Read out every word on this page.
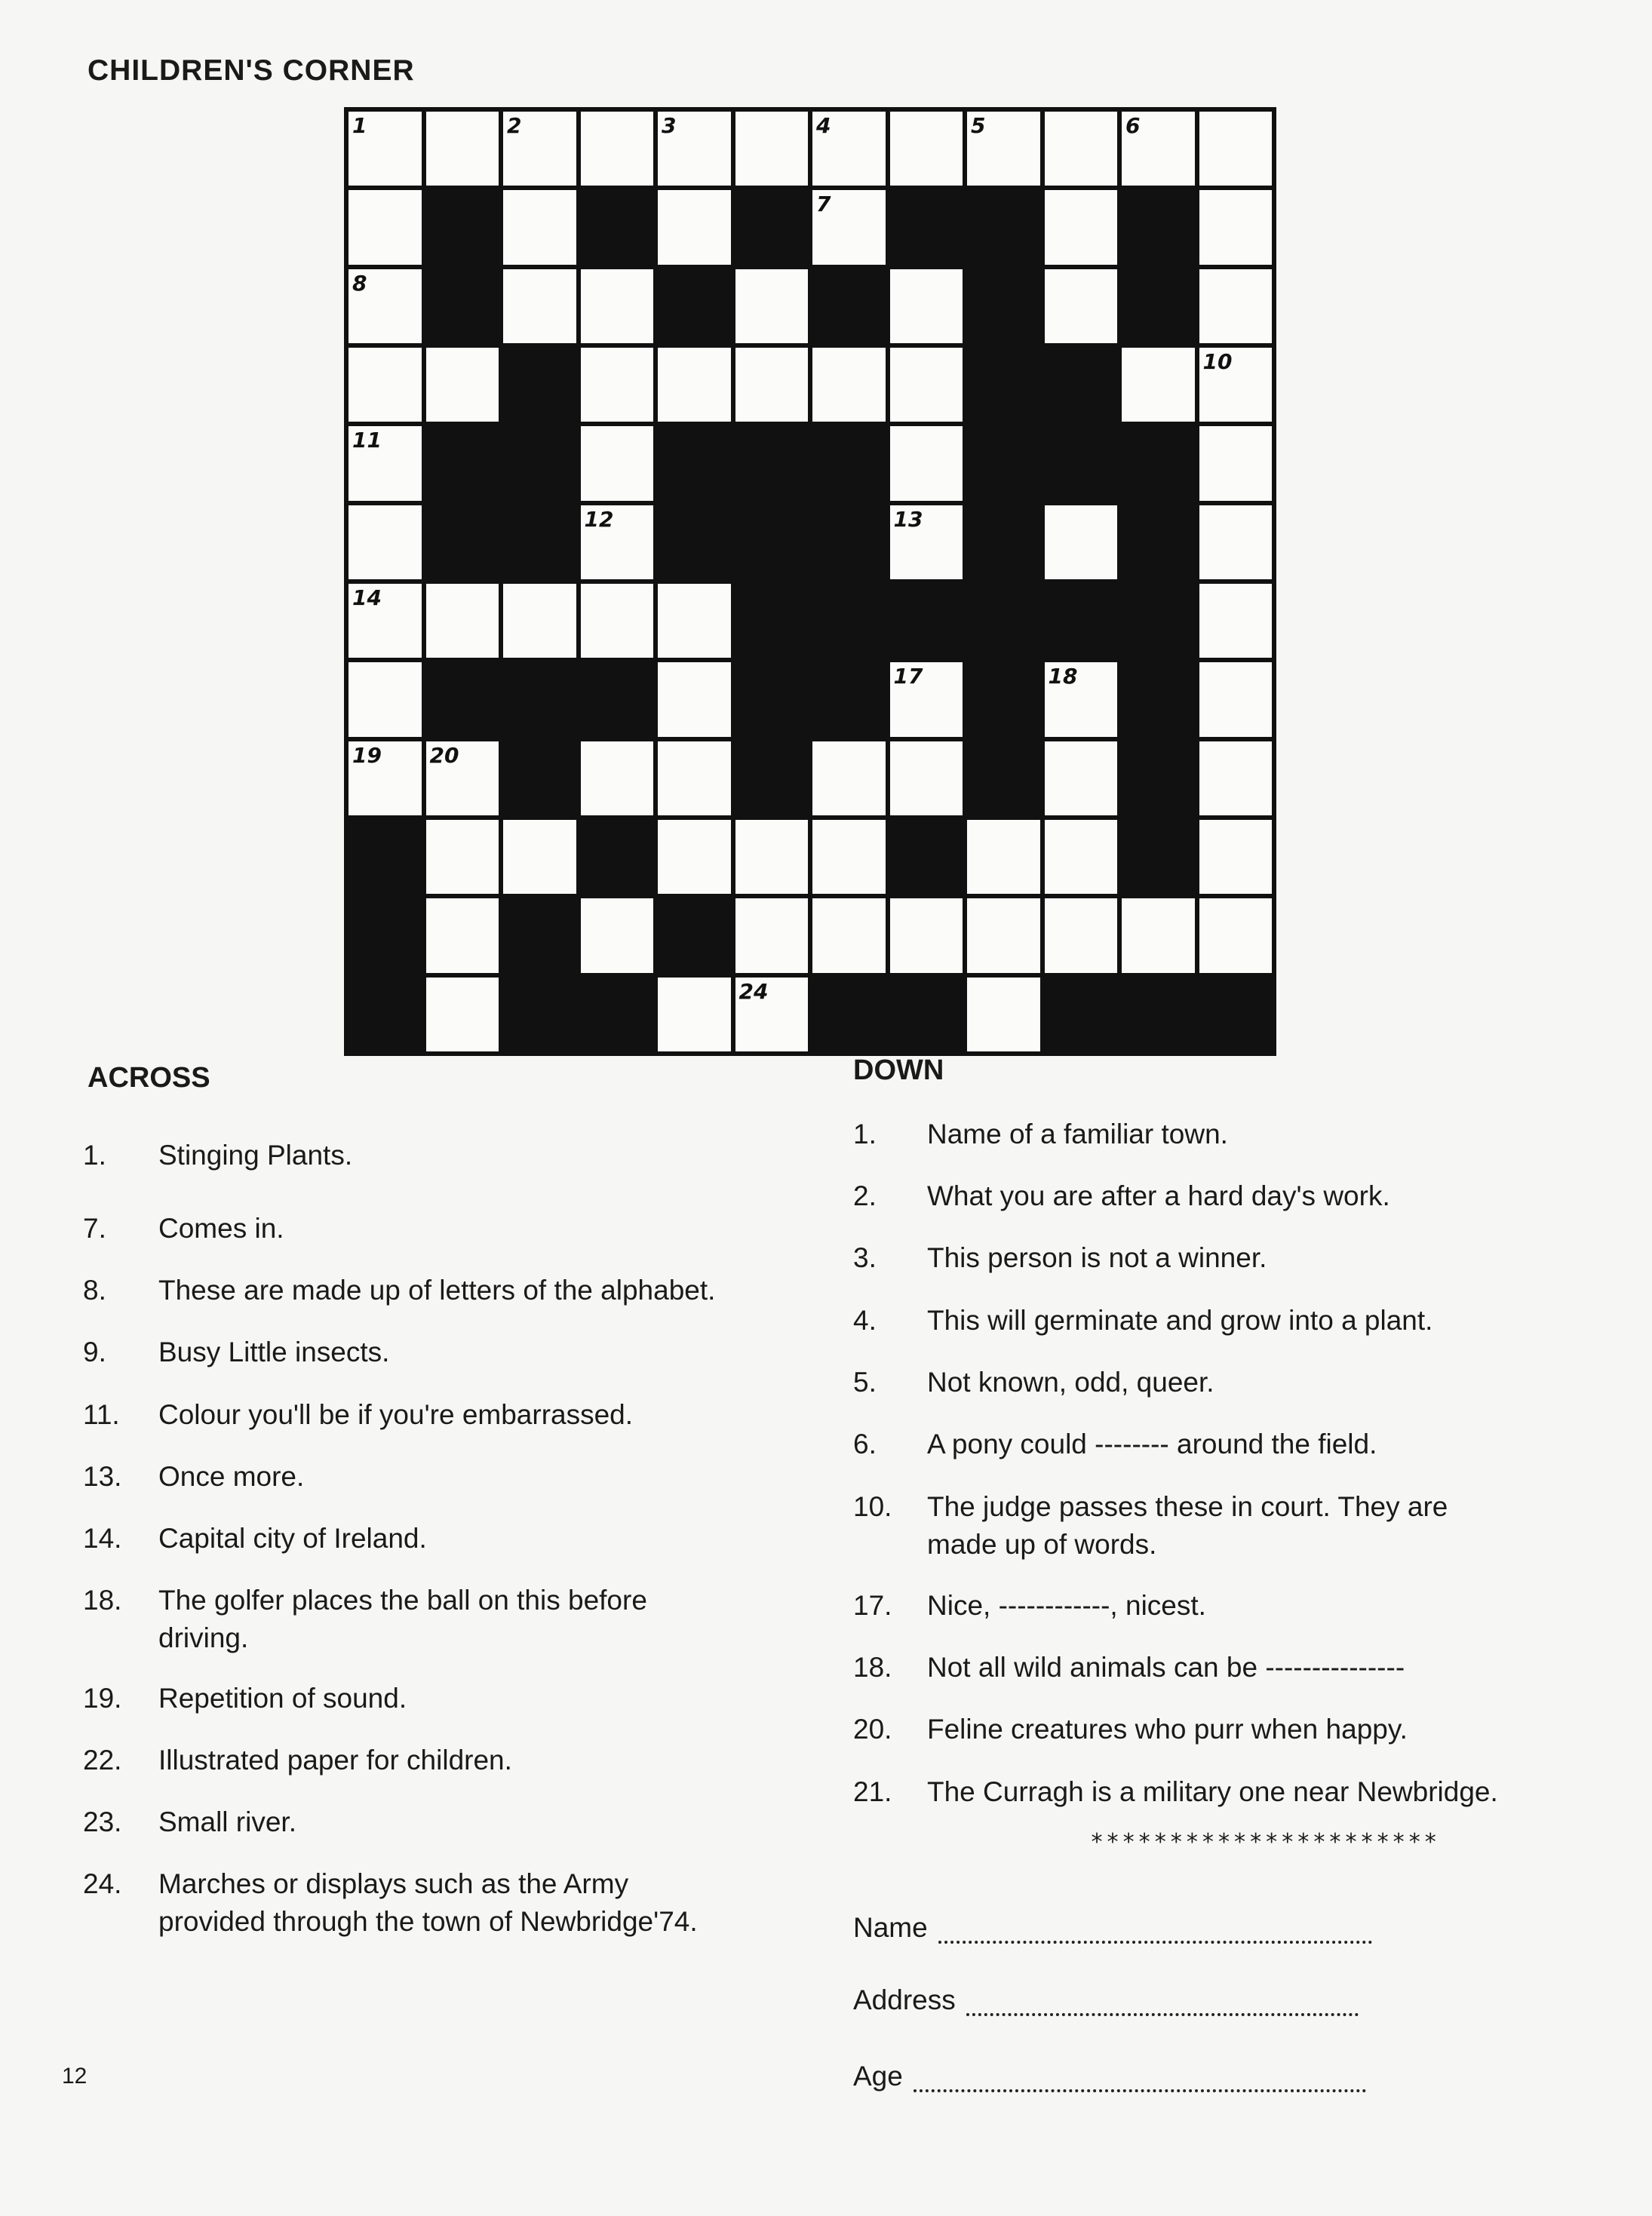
CHILDREN'S CORNER
1	2	3	4	5	6
7
8
10
11
12	13
14
17	18
19 20
24
ACROSS
1. Stinging Plants.
7. Comes in.
8. These are made up of letters of the alphabet.
9. Busy Little insects.
11. Colour you'll be if you're embarrassed.
13. Once more.
14. Capital city of Ireland.
18. The golfer places the ball on this before
driving.
19. Repetition of sound.
22. Illustrated paper for children.
23. Small river.
24. Marches or displays such as the Army
provided through the town of Newbridge'74.
DOWN
1. Name of a familiar town.
2. What you are after a hard day's work.
3. This person is not a winner.
4. This will germinate and grow into a plant.
5. Not known, odd, queer.
6. A pony could -------- around the field.
10. The judge passes these in court. They are
made up of words.
17. Nice, ------------, nicest.
18. Not all wild animals can be ---------------
20. Feline creatures who purr when happy.
21. The Curragh is a military one near Newbridge.
**********************
Name
Address
Age
12
